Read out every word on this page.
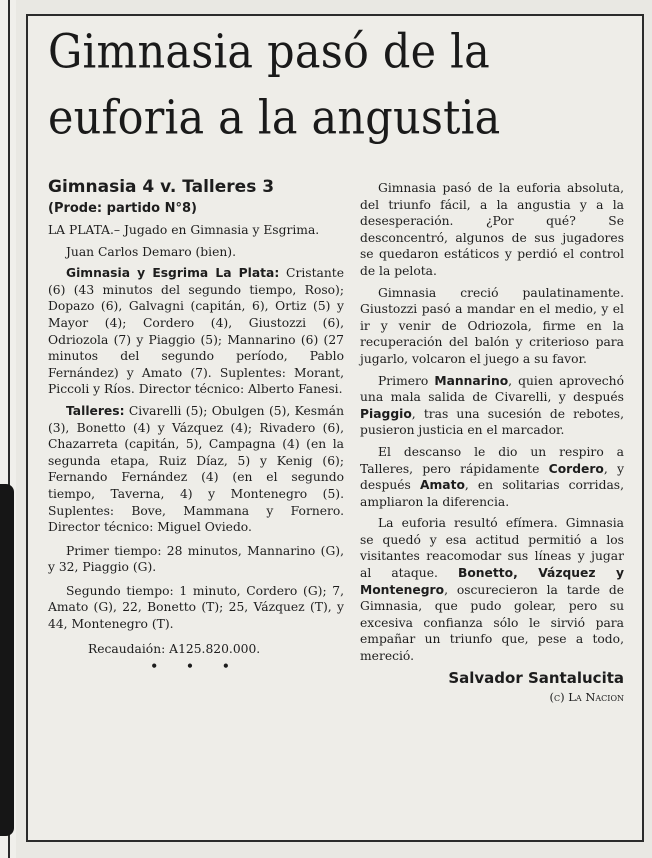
Gimnasia pasó de la euforia a la angustia
Gimnasia 4 v. Talleres 3
(Prode: partido N°8)

LA PLATA.– Jugado en Gimnasia y Esgrima.

Juan Carlos Demaro (bien).

Gimnasia y Esgrima La Plata: Cristante (6) (43 minutos del segundo tiempo, Roso); Dopazo (6), Galvagni (capitán, 6), Ortiz (5) y Mayor (4); Cordero (4), Giustozzi (6), Odriozola (7) y Piaggio (5); Mannarino (6) (27 minutos del segundo período, Pablo Fernández) y Amato (7). Suplentes: Morant, Piccoli y Ríos. Director técnico: Alberto Fanesi.

Talleres: Civarelli (5); Obulgen (5), Kesmán (3), Bonetto (4) y Vázquez (4); Rivadero (6), Chazarreta (capitán, 5), Campagna (4) (en la segunda etapa, Ruiz Díaz, 5) y Kenig (6); Fernando Fernández (4) (en el segundo tiempo, Taverna, 4) y Montenegro (5). Suplentes: Bove, Mammana y Fornero. Director técnico: Miguel Oviedo.

Primer tiempo: 28 minutos, Mannarino (G), y 32, Piaggio (G).

Segundo tiempo: 1 minuto, Cordero (G); 7, Amato (G), 22, Bonetto (T); 25, Vázquez (T), y 44, Montenegro (T).

Recaudaión: A125.820.000.

• • •

Gimnasia pasó de la euforia absoluta, del triunfo fácil, a la angustia y a la desesperación. ¿Por qué? Se desconcentró, algunos de sus jugadores se quedaron estáticos y perdió el control de la pelota.

Gimnasia creció paulatinamente. Giustozzi pasó a mandar en el medio, y el ir y venir de Odriozola, firme en la recuperación del balón y criterioso para jugarlo, volcaron el juego a su favor.

Primero Mannarino, quien aprovechó una mala salida de Civarelli, y después Piaggio, tras una sucesión de rebotes, pusieron justicia en el marcador.

El descanso le dio un respiro a Talleres, pero rápidamente Cordero, y después Amato, en solitarias corridas, ampliaron la diferencia.

La euforia resultó efímera. Gimnasia se quedó y esa actitud permitió a los visitantes reacomodar sus líneas y jugar al ataque. Bonetto, Vázquez y Montenegro, oscurecieron la tarde de Gimnasia, que pudo golear, pero su excesiva confianza sólo le sirvió para empañar un triunfo que, pese a todo, mereció.

Salvador Santalucita

(c) La Nacion
